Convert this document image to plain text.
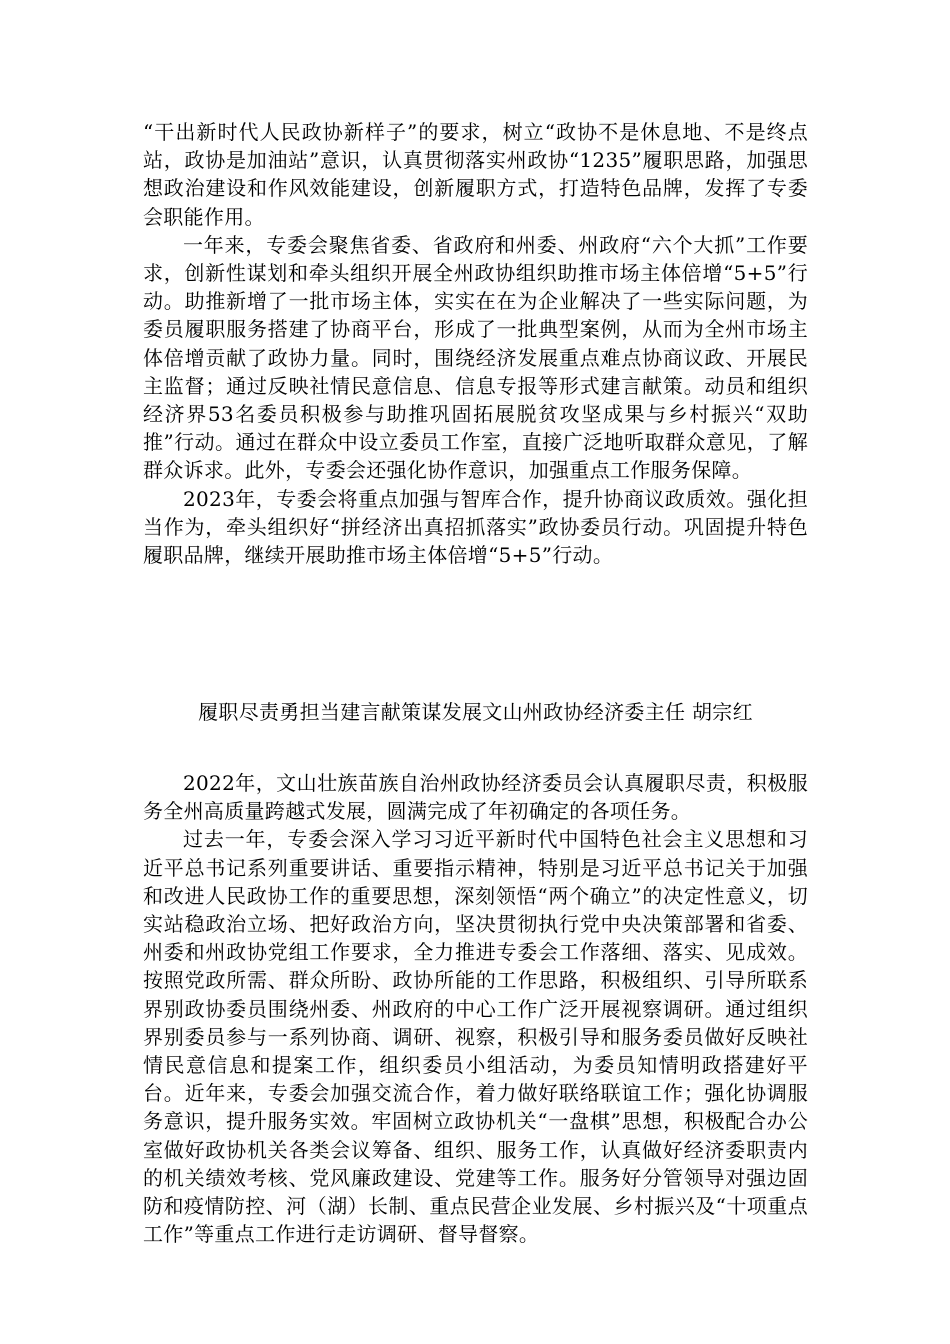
“干出新时代人民政协新样子”的要求，树立“政协不是休息地、不是终点站，政协是加油站”意识，认真贯彻落实州政协“1235”履职思路，加强思想政治建设和作风效能建设，创新履职方式，打造特色品牌，发挥了专委会职能作用。

一年来，专委会聚焦省委、省政府和州委、州政府“六个大抓”工作要求，创新性谋划和牵头组织开展全州政协组织助推市场主体倍增“5+5”行动。助推新增了一批市场主体，实实在在为企业解决了一些实际问题，为委员履职服务搭建了协商平台，形成了一批典型案例，从而为全州市场主体倍增贡献了政协力量。同时，围绕经济发展重点难点协商议政、开展民主监督；通过反映社情民意信息、信息专报等形式建言献策。动员和组织经济界53名委员积极参与助推巩固拓展脱贫攻坚成果与乡村振兴“双助推”行动。通过在群众中设立委员工作室，直接广泛地听取群众意见，了解群众诉求。此外，专委会还强化协作意识，加强重点工作服务保障。

2023年，专委会将重点加强与智库合作，提升协商议政质效。强化担当作为，牵头组织好“拼经济出真招抓落实”政协委员行动。巩固提升特色履职品牌，继续开展助推市场主体倍增“5+5”行动。

履职尽责勇担当建言献策谋发展文山州政协经济委主任 胡宗红

2022年，文山壮族苗族自治州政协经济委员会认真履职尽责，积极服务全州高质量跨越式发展，圆满完成了年初确定的各项任务。

过去一年，专委会深入学习习近平新时代中国特色社会主义思想和习近平总书记系列重要讲话、重要指示精神，特别是习近平总书记关于加强和改进人民政协工作的重要思想，深刻领悟“两个确立”的决定性意义，切实站稳政治立场、把好政治方向，坚决贯彻执行党中央决策部署和省委、州委和州政协党组工作要求，全力推进专委会工作落细、落实、见成效。按照党政所需、群众所盼、政协所能的工作思路，积极组织、引导所联系界别政协委员围绕州委、州政府的中心工作广泛开展视察调研。通过组织界别委员参与一系列协商、调研、视察，积极引导和服务委员做好反映社情民意信息和提案工作，组织委员小组活动，为委员知情明政搭建好平台。近年来，专委会加强交流合作，着力做好联络联谊工作；强化协调服务意识，提升服务实效。牢固树立政协机关“一盘棋”思想，积极配合办公室做好政协机关各类会议筹备、组织、服务工作，认真做好经济委职责内的机关绩效考核、党风廉政建设、党建等工作。服务好分管领导对强边固防和疫情防控、河（湖）长制、重点民营企业发展、乡村振兴及“十项重点工作”等重点工作进行走访调研、督导督察。
